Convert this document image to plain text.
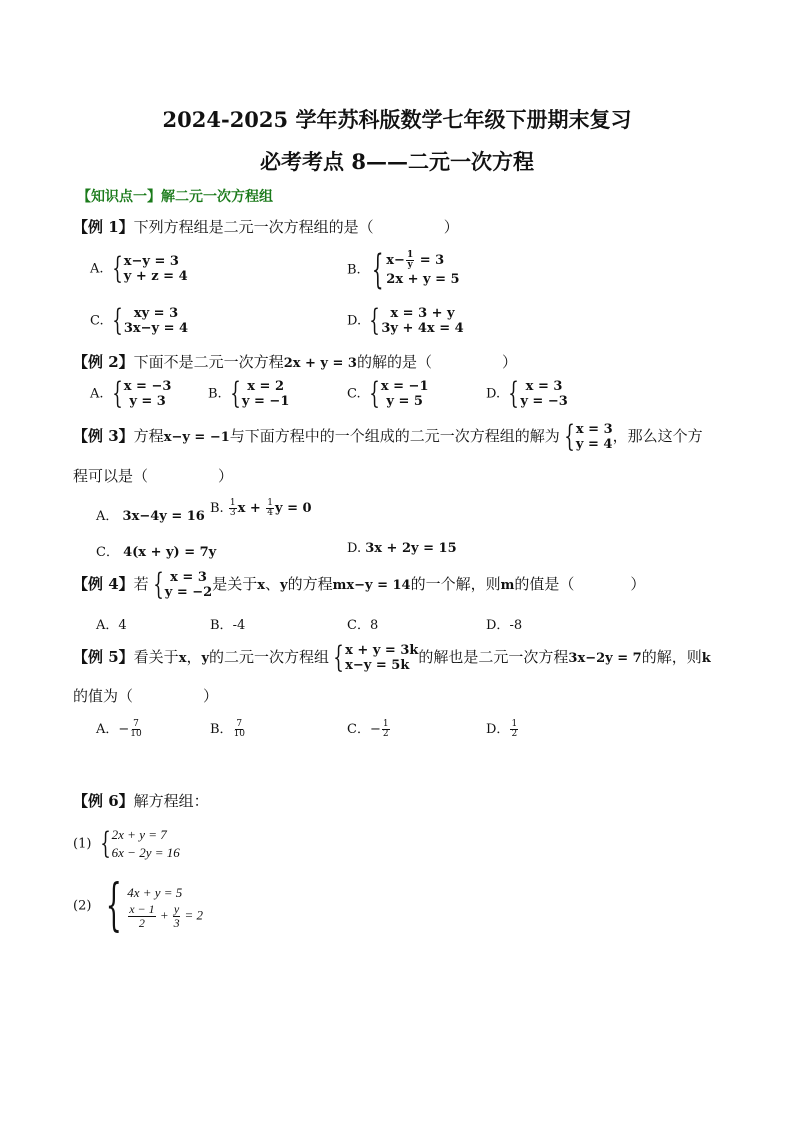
2024-2025 学年苏科版数学七年级下册期末复习
必考考点 8——二元一次方程
【知识点一】解二元一次方程组
【例 1】下列方程组是二元一次方程组的是（	）
A. { x−y = 3
y + z = 4	B. { $x- \frac{1}{y} = 3$
2x + y = 5
C. { xy = 3
3x−y = 4	D. { x = 3 + y
3y + 4x = 4
【例 2】下面不是二元一次方程2x + y = 3的解的是（	）
A. { x = −3
y = 3	B. { x = 2
y = −1	C. { x = −1
y = 5	D. { x = 3
y = −3
【例 3】方程x−y = −1与下面方程中的一个组成的二元一次方程组的解为 { x = 3
y = 4 ，那么这个方
程可以是（	）
A． 3x−4y = 16
B. $\frac{1}{3}$ $x + \frac{1}{4}$ y = 0
C． 4(x + y) = 7y	D. 3x + 2y = 15
【例 4】若 { x = 3
y = −2 是关于x、y的方程mx−y = 14的一个解，则m的值是（	）
A．4	B．-4	C．8	D．-8
【例 5】看关于x，y的二元一次方程组 { x + y = 3k
x−y = 5k 的解也是二元一次方程3x−2y = 7的解，则k
的值为（	）
A．− $\frac{7}{10}$	B． $\frac{7}{10}$	C．− $\frac{1}{2}$	D． $\frac{1}{2}$
【例 6】解方程组：
(1) { 2x + y = 7
6x − 2y = 16
(2) { 4x + y = 5
$\frac{x - 1}{2} + \frac{y}{3} = 2$
